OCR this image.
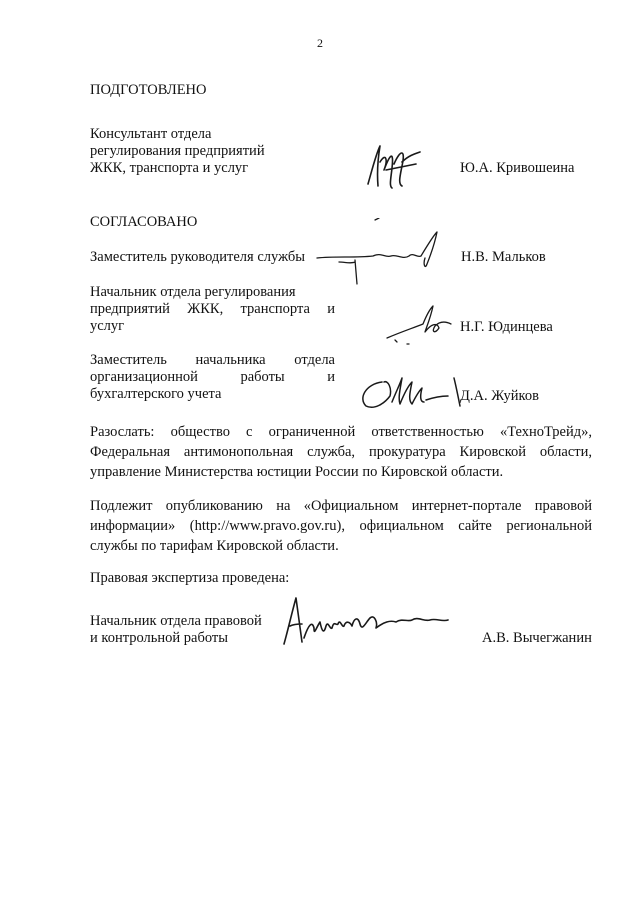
2
ПОДГОТОВЛЕНО
Консультант отдела
регулирования предприятий
ЖКК, транспорта и услуг	Ю.А. Кривошеина
СОГЛАСОВАНО
Заместитель руководителя службы	Н.В. Мальков
Начальник отдела регулирования
предприятий ЖКК, транспорта и
услуг	Н.Г. Юдинцева
Заместитель начальника отдела
организационной работы и
бухгалтерского учета	Д.А. Жуйков
Разослать: общество с ограниченной ответственностью «ТехноТрейд», Федеральная антимонопольная служба, прокуратура Кировской области, управление Министерства юстиции России по Кировской области.
Подлежит опубликованию на «Официальном интернет-портале правовой информации» (http://www.pravo.gov.ru), официальном сайте региональной службы по тарифам Кировской области.
Правовая экспертиза проведена:
Начальник отдела правовой
и контрольной работы	А.В. Вычегжанин
